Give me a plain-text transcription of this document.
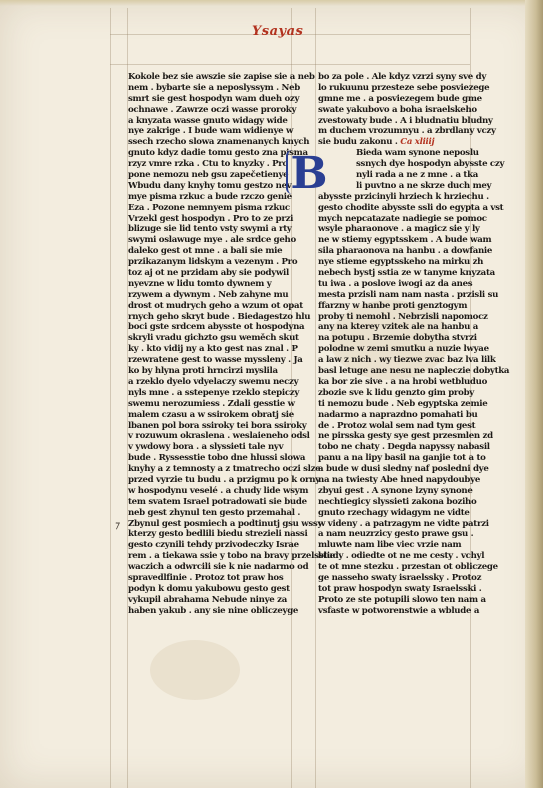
Ysayas
Kokole bez sie awszie sie zapise sie a neb
nem . bybarte sie a neposlyssym . Neb
smrt sie gest hospodyn wam dueh ozy
ochnawe . Zawrze oczi wasse proroky
a knyzata wasse gnuto widagy wide
nye zakrige . I bude wam widienye w
ssech rzecho slowa znamenanych knych
gnuto kdyz dadie tomu gesto zna pisma
rzyz vmre rzka . Ctu to knyzky . Pro
pone nemozu neb gsu zapečetienye
Wbudu dany knyhy tomu gestzo nev
mye pisma rzkuc a bude rzczo genie
Eza . Pozone nemnyem pisma rzkuc
Vrzekl gest hospodyn . Pro to ze przi
blizuge sie lid tento vsty swymi a rty
swymi oslawuge mye . ale srdce geho
daleko gest ot mne . a bali sie mie
przikazanym lidskym a vezenym . Pro
toz aj ot ne przidam aby sie podywil
nyevzne w lidu tomto dywnem y
rzywem a dywnym . Neb zahyne mu
drost ot mudrych geho a wzum ot opat
rnych geho skryt bude . Biedagestzo hlu
boci gste srdcem abysste ot hospodyna
skryli vradu gichzto gsu weměch skut
ky . kto vidij ny a kto gest nas znal . P
rzewratene gest to wasse myssleny . Ja
ko by hlyna proti hrncirzi myslila
a rzeklo dyelo vdyelaczy swemu neczy
nyls mne . a sstepenye rzeklo stepiczy
swemu nerozumiess . Zdali gesstie w
malem czasu a w ssirokem obratj sie
lbanen pol bora ssiroky tei bora ssiroky
v rozuwum okraslena . weslaieneho odsl
v ywdowy bora . a slyssieti tale nyv
bude . Ryssesstie tobo dne hlussi slowa
knyhy a z temnosty a z tmatrecho oczi slze
przed vyrzie tu budu . a przigmu po k orny
w hospodynu veselé . a chudy lide wsym
tem svatem Israel potradowati sie bude
neb gest zhynul ten gesto przemahal .
Zbynul gest posmiech a podtinutj gsu wssy
kterzy gesto bedlili biedu strezieli nassi
gesto czynili tehdy przivodeczky Israe
rem . a tiekawa ssie y tobo na bravy przelsstie
waczich a odwrcili sie k nie nadarmo od
spravedlfinie . Protoz tot praw hos
podyn k domu yakubowu gesto gest
vykupil abrahama Nebude ninye za
haben yakub . any sie nine obliczeyge
bo za pole . Ale kdyz vzrzi syny sve dy
lo rukuunu przesteze sebe posviezege
gmne me . a posviezegem bude gme
swate yakubovo a boha israelskeho
zvestowaty bude . A i bludnatiu bludny
m duchem vrozumnyu . a zbrdlany vczy
sie budu zakonu . Ca xliiij
Bieda wam synone neposlu
ssnych dye hospodyn abysste czy
nyli rada a ne z mne . a tka
li puvtno a ne skrze duch mey
abysste przicinyli hrziech k hrziechu .
gesto chodite abysste ssli do egypta a vst
mych nepcatazate nadiegie se pomoc
wsyle pharaonove . a magicz sie y ly
ne w stiemy egyptsskem . A bude wam
sila pharaonova na hanbu . a dowfanie
nye stieme egyptsskeho na mirku zh
nebech bystj sstia ze w tanyme knyzata
tu iwa . a poslove iwogi az da anes
mesta przisli nam nam nasta . przisli su
ffarzny w hanbe proti genztogym
proby ti nemohl . Nebrzisli napomocz
any na kterey vzitek ale na hanbu a
na potupu . Brzemie dobytha stvrzi
polodne w zemi smutku a nuzie lwyae
a law z nich . wy tiezwe zvac baz lva lilk
basl letuge ane nesu ne napleczie dobytka
ka bor zie sive . a na hrobi wetbluduo
zbozie sve k lidu genzto gim proby
ti nemozu bude . Neb egyptska zemie
nadarmo a naprazdno pomahati bu
de . Protoz wolal sem nad tym gest
ne pirsska gesty sye gest przesmlen zd
tobo ne chaty . Degda napyssy nabasil
panu a na lipy basil na ganjie tot a to
a bude w dusi sledny naf posledni dye
na na twiesty Abe hned napydoubye
zbyui gest . A synone lzyny synone
nechtiegicy slyssieti zakona boziho
gnuto rzechagy widagym ne vidte
w videny . a patrzagym ne vidte patrzi
a nam neuzrzicy gesto prawe gsu .
mluwte nam libe viec vrzie nam
bludy . odiedte ot ne me cesty . vchyl
te ot mne stezku . przestan ot obliczege
ge nasseho swaty israelssky . Protoz
tot praw hospodyn swaty Israelsski .
Proto ze ste potupili slowo ten nam a
vsfaste w potworenstwie a wblude a
B
⁊
